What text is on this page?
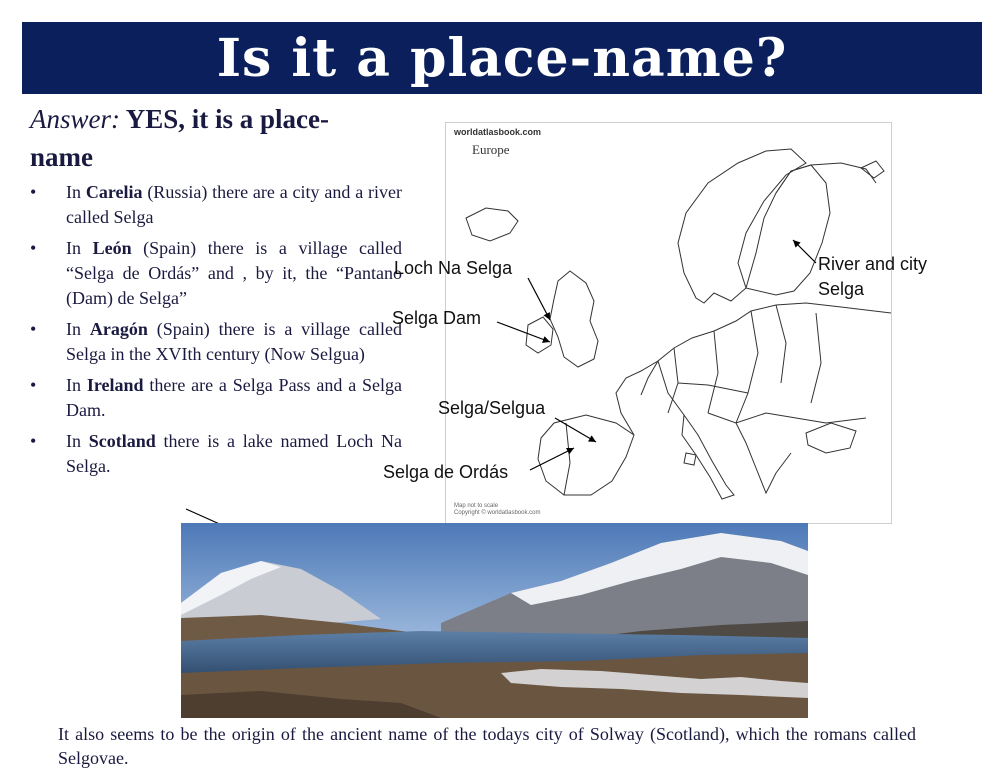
Is it a place-name?
Answer: YES, it is a place-name
• In Carelia (Russia) there are a city and a river called Selga
• In León (Spain) there is a village called “Selga de Ordás” and , by it, the “Pantano (Dam) de Selga”
• In Aragón (Spain) there is a village called Selga in the XVIth century (Now Selgua)
• In Ireland there are a Selga Pass and a Selga Dam.
• In Scotland there is a lake named Loch Na Selga.
worldatlasbook.com
Europe
Map not to scale
Copyright © worldatlasbook.com
Loch Na Selga
Selga Dam
Selga/Selgua
Selga de Ordás
River and city Selga
It also seems to be the origin of the ancient name of the todays city of Solway (Scotland), which the romans called Selgovae.
